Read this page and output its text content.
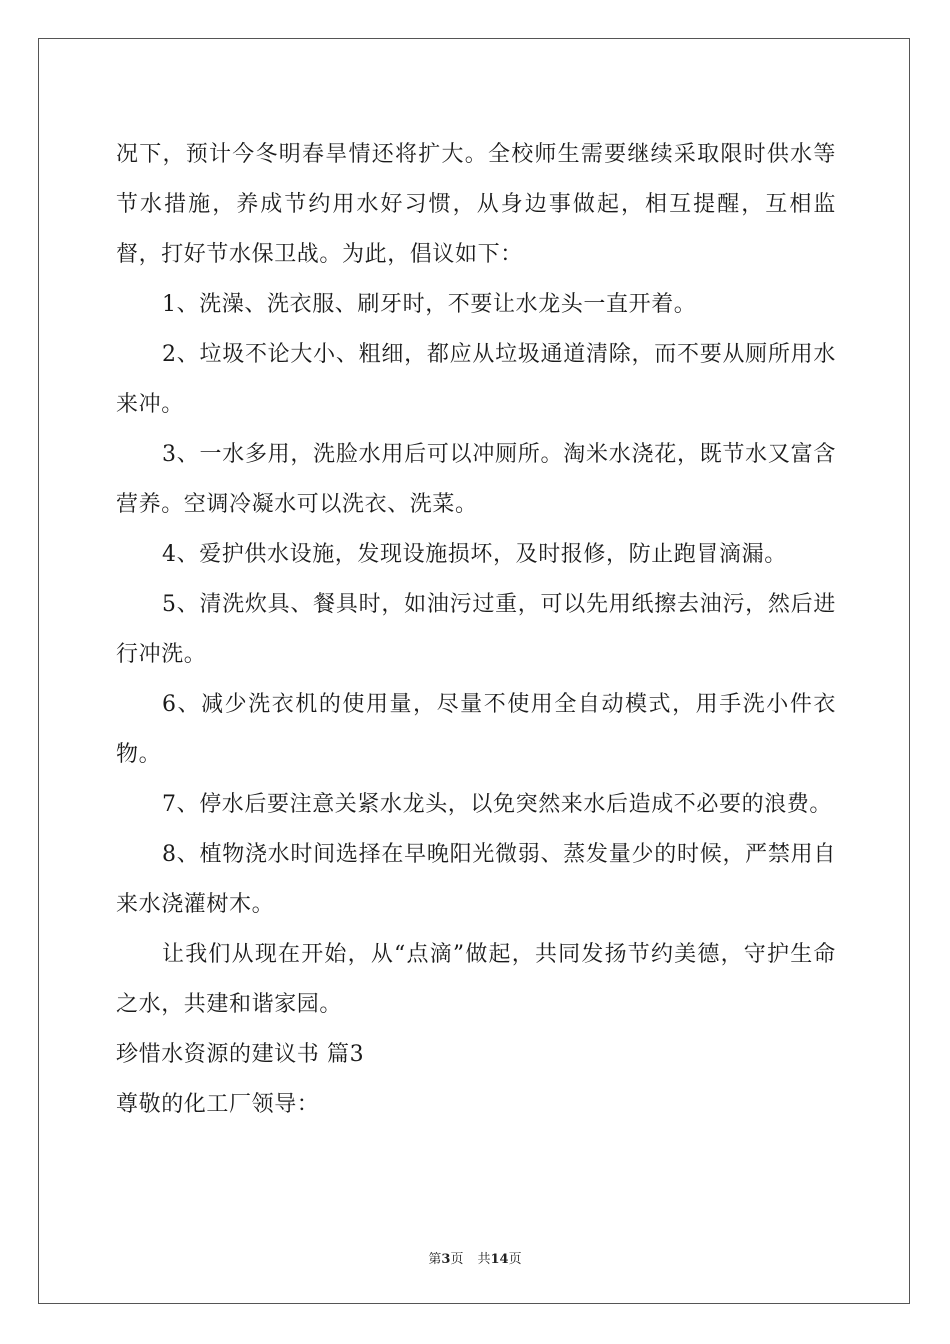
况下，预计今冬明春旱情还将扩大。全校师生需要继续采取限时供水等节水措施，养成节约用水好习惯，从身边事做起，相互提醒，互相监督，打好节水保卫战。为此，倡议如下：

1、洗澡、洗衣服、刷牙时，不要让水龙头一直开着。

2、垃圾不论大小、粗细，都应从垃圾通道清除，而不要从厕所用水来冲。

3、一水多用，洗脸水用后可以冲厕所。淘米水浇花，既节水又富含营养。空调冷凝水可以洗衣、洗菜。

4、爱护供水设施，发现设施损坏，及时报修，防止跑冒滴漏。

5、清洗炊具、餐具时，如油污过重，可以先用纸擦去油污，然后进行冲洗。

6、减少洗衣机的使用量，尽量不使用全自动模式，用手洗小件衣物。

7、停水后要注意关紧水龙头，以免突然来水后造成不必要的浪费。

8、植物浇水时间选择在早晚阳光微弱、蒸发量少的时候，严禁用自来水浇灌树木。

让我们从现在开始，从“点滴”做起，共同发扬节约美德，守护生命之水，共建和谐家园。

珍惜水资源的建议书 篇3

尊敬的化工厂领导：

第3页 共14页
